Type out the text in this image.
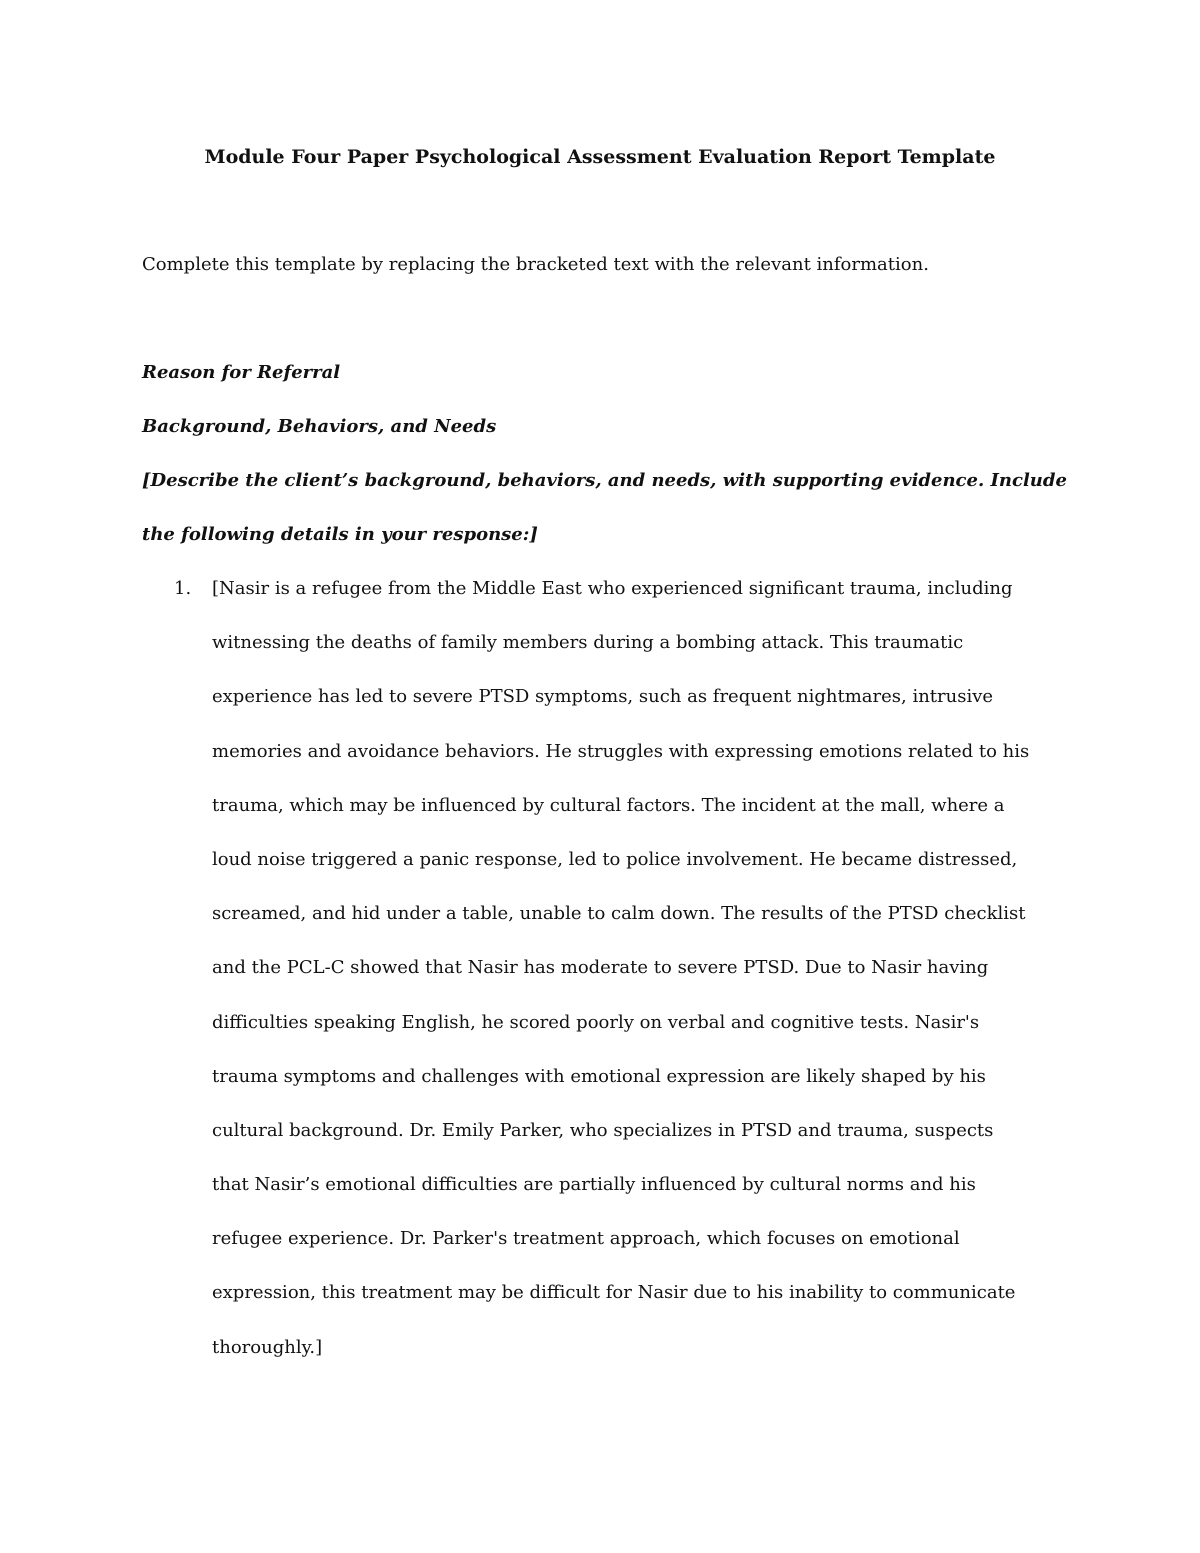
Module Four Paper Psychological Assessment Evaluation Report Template
Complete this template by replacing the bracketed text with the relevant information.
Reason for Referral
Background, Behaviors, and Needs
[Describe the client’s background, behaviors, and needs, with supporting evidence. Include
the following details in your response:]
1. [Nasir is a refugee from the Middle East who experienced significant trauma, including
witnessing the deaths of family members during a bombing attack. This traumatic
experience has led to severe PTSD symptoms, such as frequent nightmares, intrusive
memories and avoidance behaviors. He struggles with expressing emotions related to his
trauma, which may be influenced by cultural factors. The incident at the mall, where a
loud noise triggered a panic response, led to police involvement. He became distressed,
screamed, and hid under a table, unable to calm down. The results of the PTSD checklist
and the PCL-C showed that Nasir has moderate to severe PTSD. Due to Nasir having
difficulties speaking English, he scored poorly on verbal and cognitive tests. Nasir's
trauma symptoms and challenges with emotional expression are likely shaped by his
cultural background. Dr. Emily Parker, who specializes in PTSD and trauma, suspects
that Nasir’s emotional difficulties are partially influenced by cultural norms and his
refugee experience. Dr. Parker's treatment approach, which focuses on emotional
expression, this treatment may be difficult for Nasir due to his inability to communicate
thoroughly.]
